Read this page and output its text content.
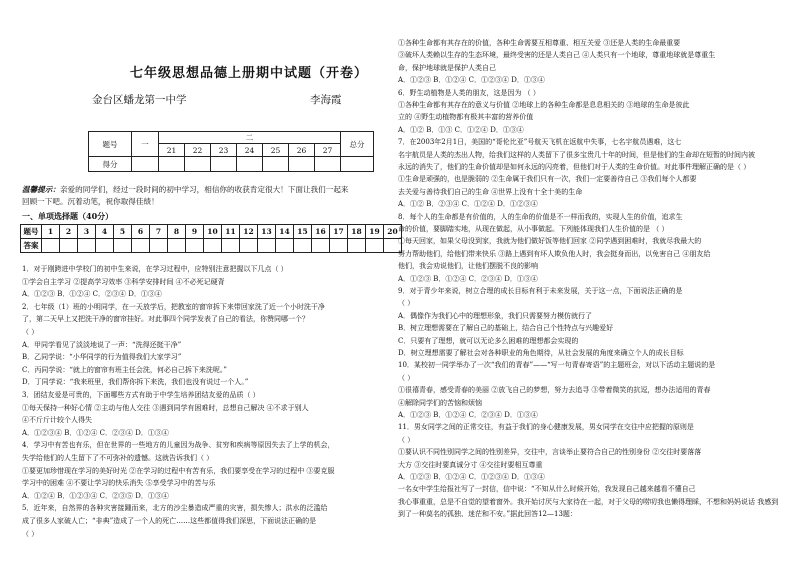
七年级思想品德上册期中试题（开卷）
金台区蟠龙第一中学	李海霞
题号	一	二							总分
		21	22	23	24	25	26	27	
得分									
温馨提示：亲爱的同学们，经过一段时间的初中学习，相信你的收获肯定很大！下面让我们一起来
回顾一下吧。沉着动笔，祝你取得佳绩！
一、单项选择题（40分）
题号	1	2	3	4	5	6	7	8	9	10	11	12	13	14	15	16	17	18	19	20
答案																				
1．对于刚跨进中学校门的初中生来说，在学习过程中，应特别注意把握以下几点（ ）
①学会自主学习 ②提高学习效率 ③科学安排时间 ④不必死记硬背
A．①②③ B．①②④ C．②③④ D．①③④
2．七年级（1）班的小明同学，在一天放学后，把教室的窗帘拆下来带回家洗了近一个小时洗干净
了，第二天早上又把洗干净的窗帘挂好。对此事四个同学发表了自己的看法，你赞同哪一个？
（ ）
A．甲同学看见了淡淡地说了一声：“洗得还挺干净”
B．乙同学说：“小华同学的行为值得我们大家学习”
C．丙同学说：“就上的窗帘有班主任会洗，何必自己拆下来洗呢。”
D．丁同学说：“我来班里，我们帮你拆下来洗，我们也没有说过一个人。”
3．团结友爱是可贵的，下面哪些方式有助于中学生培养团结友爱的品质（ ）
①每天保持一种好心情 ②主动与他人交往 ③遇到同学有困难时，总想自己解决 ④不求于别人
④不斤斤计较个人得失
A．①②③④ B．①②④ C．②③④ D．①③④
4．学习中有苦也有乐，但在世界的一些地方的儿童因为战争、贫穷和疾病等原因失去了上学的机会，
失学给他们的人生留下了不可弥补的遗憾。这就告诉我们（ ）
①要更加珍惜现在学习的美好时光 ②在学习的过程中有苦有乐，我们要享受在学习的过程中 ③要克服
学习中的困难 ④不要让学习的快乐消失 ⑤享受学习中的苦与乐
A．①②④ B．①②③④ C．②③⑤ D．①③④
5．近年来，自然界的各种灾害接踵而来，北方的沙尘暴造成严重的灾害，损失惨人；洪水的泛滥给
成了很多人家破人亡；“非典”造成了一个人的死亡……这些都值得我们深思，下面说法正确的是
（ ）
①各种生命都有其存在的价值，各种生命需要互相尊重、相互关爱 ③还是人类的生命最重要
③破坏人类赖以生存的生态环境，最终受害的还是人类自己 ④人类只有一个地球，尊重地球就是尊重生
命，保护地球就是保护人类自己
A．①②③ B．①②④ C．①②③④ D．①③④
6．野生动植物是人类的朋友，这是因为 （ ）
①各种生命都有其存在的意义与价值 ②地球上的各种生命都是息息相关的 ③地球的生命是彼此
立的 ④野生动植物都有极其丰富的营养价值
A．①② B．①③ C．①②④ D．①③④
7．在2003年2月1日，美国的“哥伦比亚”号航天飞机在返航中失事，七名宇航员遇难，这七
名宇航员是人类的杰出人物，给我们这样的人类留下了很多宝贵几十年的时间，但是他们的生命却在短暂的时间内被
永远的消失了，他们的生命价值却是如何永远的闪亮着，但他们对于人类的生命价值。对此事件理解正确的是（ ）
①生命是顽强的，也是脆弱的 ②生命属于我们只有一次，我们一定要善待自己 ③我们每个人都要
去关爱与善待我们自己的生命 ④世界上没有十全十美的生命
A．①② B．②③④ C．①②④ D．①②③④
8．每个人的生命都是有价值的，人的生命的价值是不一样而我的，实现人生的价值，追求生
命的价值，要脚踏实地，从现在做起，从小事做起。下列能体现我们人生价值的是 （ ）
①每天回家，如果父母没到家，我就为他们做好饭等他们回家 ②同学遇到困难时，我就尽我最大的
努力帮助他们，给他们带来快乐 ③路上遇到有坏人欺负他人时，我会挺身而出，以免害自己 ④朋友给
他们，我会劝说他们，让他们摆脱不良的影响
A．①②③ B．①②④ C．②③④ D．①③④
9．对于青少年来说，树立合理的成长目标有利于未来发展，关于这一点，下面说法正确的是
（ ）
A．偶像作为我们心中的理想形象，我们只需要努力模仿就行了
B．树立理想需要在了解自己的基础上，结合自己个性特点与兴趣爱好
C．只要有了理想，就可以无论多么困难的理想都会实现的
D．树立理想需要了解社会对各种职业的角色期待，从社会发展的角度来确立个人的成长目标
10．某校初一同学举办了一次“我们的青春”——“写一句青春寄语”的主题班会，对以下活动主题说的是
（ ）
①很禧青春，感受青春的美丽 ②放飞自己的梦想，努力去追寻 ③带着微笑的抗逗，想办法适用的青春
④解除同学们的苦恼和烦恼
A．①②③ B．①②④ C．②③④ D．①③④
11．男女同学之间的正常交往，有益于我们的身心健康发展，男女同学在交往中应把握的原则是
（ ）
①要认识不同性别同学之间的性别差异，交往中，言谈举止要符合自己的性别身份 ②交往时要落落
大方 ③交往时要真诚分寸 ④交往时要相互尊重
A．①②③ B．①②④ C．①②③④ D．①③④
一名女中学生给报社写了一封信，信中说：“不知从什么时候开始，我发现自己越来越看不懂自己
我心事重重，总是不自觉的望着窗外。我开始讨厌与大家待在一起，对于父母的唠叨我也懒得理睬，不想和妈妈说话 我感到
到了一种莫名的孤独、迷茫和不安。”据此回答12—13题：
